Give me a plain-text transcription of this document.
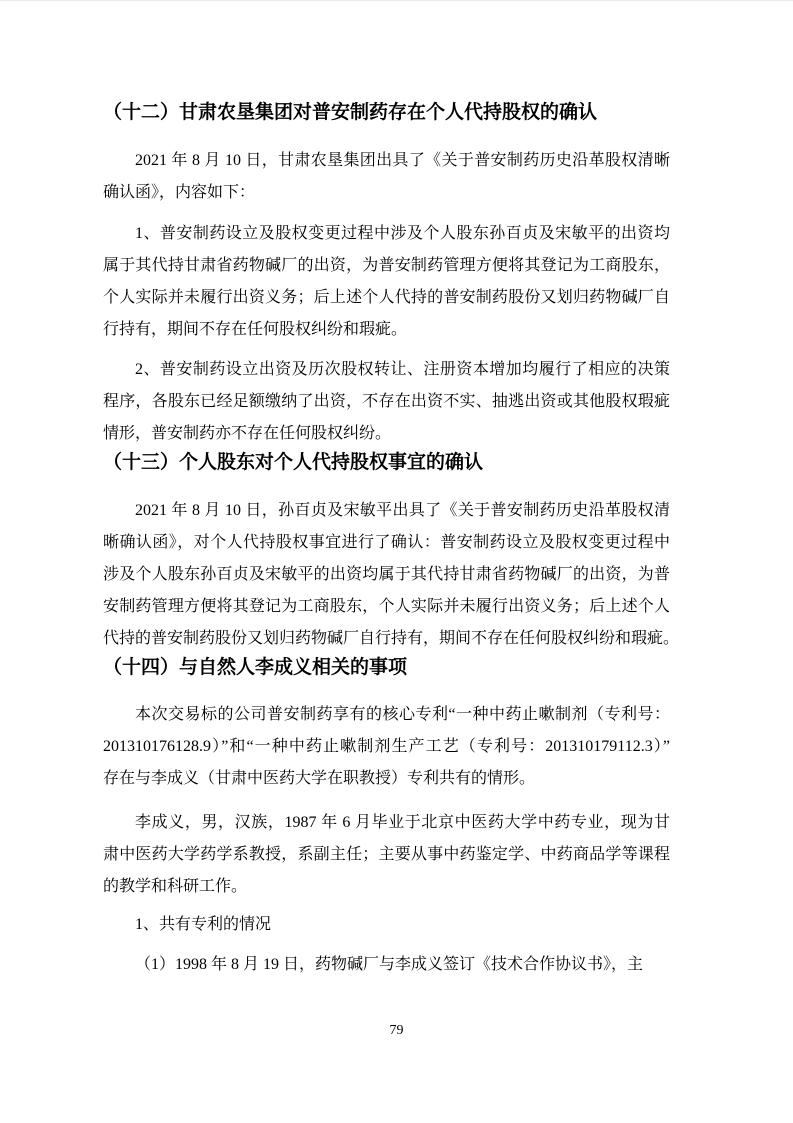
（十二）甘肃农垦集团对普安制药存在个人代持股权的确认
2021 年 8 月 10 日，甘肃农垦集团出具了《关于普安制药历史沿革股权清晰
确认函》，内容如下：
1、普安制药设立及股权变更过程中涉及个人股东孙百贞及宋敏平的出资均
属于其代持甘肃省药物碱厂的出资，为普安制药管理方便将其登记为工商股东，
个人实际并未履行出资义务；后上述个人代持的普安制药股份又划归药物碱厂自
行持有，期间不存在任何股权纠纷和瑕疵。
2、普安制药设立出资及历次股权转让、注册资本增加均履行了相应的决策
程序，各股东已经足额缴纳了出资，不存在出资不实、抽逃出资或其他股权瑕疵
情形，普安制药亦不存在任何股权纠纷。
（十三）个人股东对个人代持股权事宜的确认
2021 年 8 月 10 日，孙百贞及宋敏平出具了《关于普安制药历史沿革股权清
晰确认函》，对个人代持股权事宜进行了确认：普安制药设立及股权变更过程中
涉及个人股东孙百贞及宋敏平的出资均属于其代持甘肃省药物碱厂的出资，为普
安制药管理方便将其登记为工商股东，个人实际并未履行出资义务；后上述个人
代持的普安制药股份又划归药物碱厂自行持有，期间不存在任何股权纠纷和瑕疵。
（十四）与自然人李成义相关的事项
本次交易标的公司普安制药享有的核心专利“一种中药止嗽制剂（专利号：
201310176128.9）”和“一种中药止嗽制剂生产工艺（专利号：201310179112.3）”
存在与李成义（甘肃中医药大学在职教授）专利共有的情形。
李成义，男，汉族，1987 年 6 月毕业于北京中医药大学中药专业，现为甘
肃中医药大学药学系教授，系副主任；主要从事中药鉴定学、中药商品学等课程
的教学和科研工作。
1、共有专利的情况
（1）1998 年 8 月 19 日，药物碱厂与李成义签订《技术合作协议书》，主
79
